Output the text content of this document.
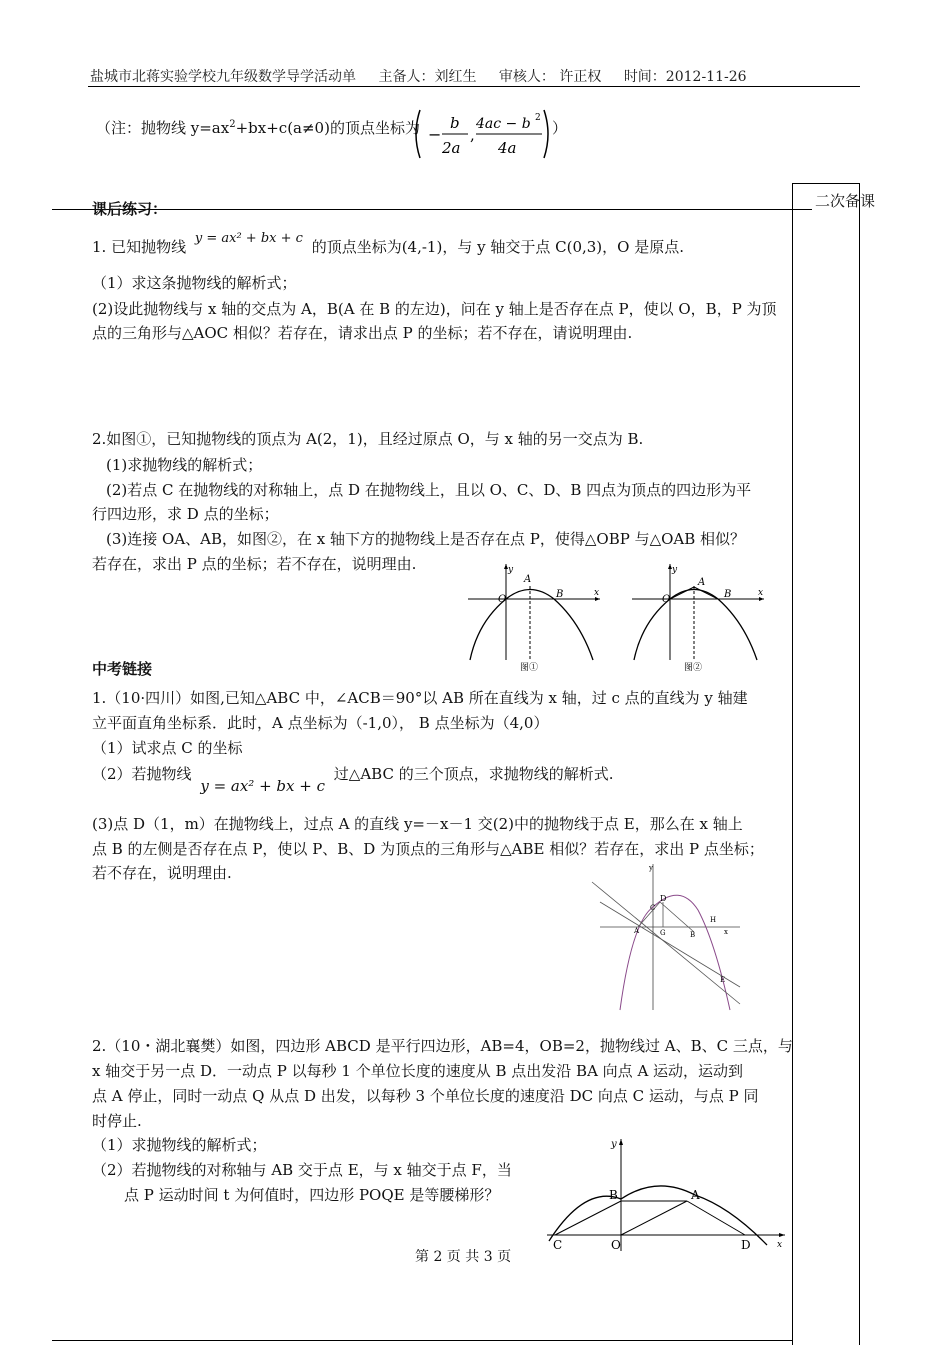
盐城市北蒋实验学校九年级数学导学活动单 主备人：刘红生 审核人： 许正权 时间：2012-11-26
（注：抛物线 $y=ax^2+bx+c(a\ne 0)$的顶点坐标为 −
b
2a
,
4ac − b 2
4a
）
二次备课
课后练习：
1. 已知抛物线 y = ax² + bx + c 的顶点坐标为(4,-1)，与 y 轴交于点 C(0,3)，O 是原点.
（1）求这条抛物线的解析式；
(2)设此抛物线与 x 轴的交点为 A，B(A 在 B 的左边)，问在 y 轴上是否存在点 P，使以 O，B，P 为顶
点的三角形与△AOC 相似？若存在，请求出点 P 的坐标；若不存在，请说明理由.
2.如图①，已知抛物线的顶点为 A(2，1)，且经过原点 O，与 x 轴的另一交点为 B.
(1)求抛物线的解析式；
(2)若点 C 在抛物线的对称轴上，点 D 在抛物线上，且以 O、C、D、B 四点为顶点的四边形为平
行四边形，求 D 点的坐标；
(3)连接 OA、AB，如图②，在 x 轴下方的抛物线上是否存在点 P，使得△OBP 与△OAB 相似？
若存在，求出 P 点的坐标；若不存在，说明理由.	y
x
O
A
B
图①
y
x
O
A
B
图②
中考链接
1.（10·四川）如图,已知△ABC 中，∠ACB＝90°以 AB 所在直线为 x 轴，过 c 点的直线为 y 轴建
立平面直角坐标系．此时，A 点坐标为（-1,0）， B 点坐标为（4,0）
（1）试求点 C 的坐标
（2）若抛物线 y = ax² + bx + c 过△ABC 的三个顶点，求抛物线的解析式.
(3)点 D（1，m）在抛物线上，过点 A 的直线 y=－x－1 交(2)中的抛物线于点 E，那么在 x 轴上
点 B 的左侧是否存在点 P，使以 P、B、D 为顶点的三角形与△ABE 相似？若存在，求出 P 点坐标；
若不存在，说明理由.	y
x
D
C
H
A	G	B
E
2.（10・湖北襄樊）如图，四边形 ABCD 是平行四边形，AB=4，OB=2，抛物线过 A、B、C 三点，与
x 轴交于另一点 D．一动点 P 以每秒 1 个单位长度的速度从 B 点出发沿 BA 向点 A 运动，运动到
点 A 停止，同时一动点 Q 从点 D 出发，以每秒 3 个单位长度的速度沿 DC 向点 C 运动，与点 P 同
时停止.
（1）求抛物线的解析式；
（2）若抛物线的对称轴与 AB 交于点 E，与 x 轴交于点 F，当
点 P 运动时间 t 为何值时，四边形 POQE 是等腰梯形？
y
x
B	A
C	O	D
第 2 页 共 3 页
